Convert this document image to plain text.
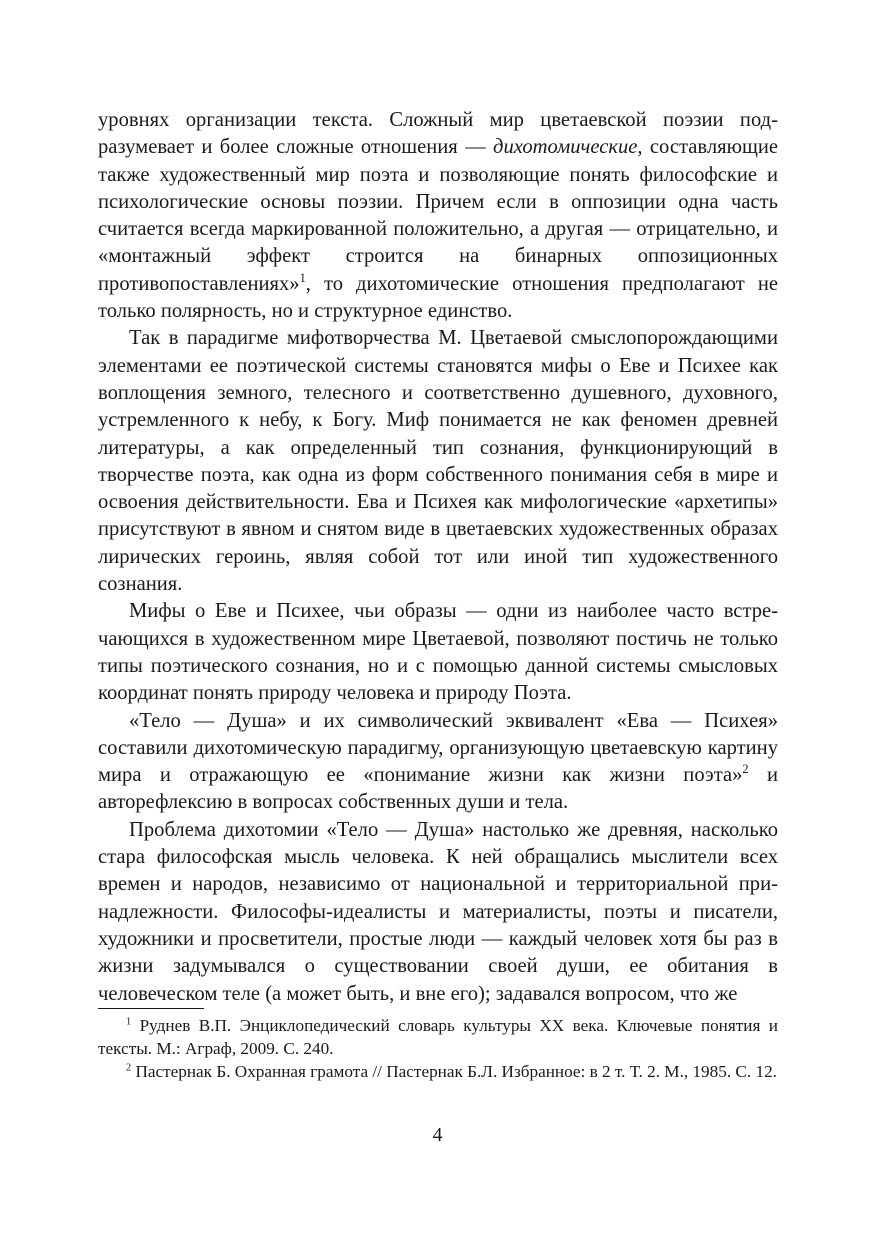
уровнях организации текста. Сложный мир цветаевской поэзии подразумевает и более сложные отношения — дихотомические, составляющие также художественный мир поэта и позволяющие понять философские и психологические основы поэзии. Причем если в оппозиции одна часть считается всегда маркированной положительно, а другая — отрицательно, и «монтажный эффект строится на бинарных оппозиционных противопоставлениях»$^1$, то дихотомические отношения предполагают не только полярность, но и структурное единство.

Так в парадигме мифотворчества М. Цветаевой смыслопорождающими элементами ее поэтической системы становятся мифы о Еве и Психее как воплощения земного, телесного и соответственно душевного, духовного, устремленного к небу, к Богу. Миф понимается не как феномен древней литературы, а как определенный тип сознания, функционирующий в творчестве поэта, как одна из форм собственного понимания себя в мире и освоения действительности. Ева и Психея как мифологические «архетипы» присутствуют в явном и снятом виде в цветаевских художественных образах лирических героинь, являя собой тот или иной тип художественного сознания.

Мифы о Еве и Психее, чьи образы — одни из наиболее часто встречающихся в художественном мире Цветаевой, позволяют постичь не только типы поэтического сознания, но и с помощью данной системы смысловых координат понять природу человека и природу Поэта.

«Тело — Душа» и их символический эквивалент «Ева — Психея» составили дихотомическую парадигму, организующую цветаевскую картину мира и отражающую ее «понимание жизни как жизни поэта»$^2$ и авторефлексию в вопросах собственных души и тела.

Проблема дихотомии «Тело — Душа» настолько же древняя, насколько стара философская мысль человека. К ней обращались мыслители всех времен и народов, независимо от национальной и территориальной принадлежности. Философы-идеалисты и материалисты, поэты и писатели, художники и просветители, простые люди — каждый человек хотя бы раз в жизни задумывался о существовании своей души, ее обитания в человеческом теле (а может быть, и вне его); задавался вопросом, что же

$^1$ Руднев В.П. Энциклопедический словарь культуры ХХ века. Ключевые понятия и тексты. М.: Аграф, 2009. С. 240.

$^2$ Пастернак Б. Охранная грамота // Пастернак Б.Л. Избранное: в 2 т. Т. 2. М., 1985. С. 12.

4
